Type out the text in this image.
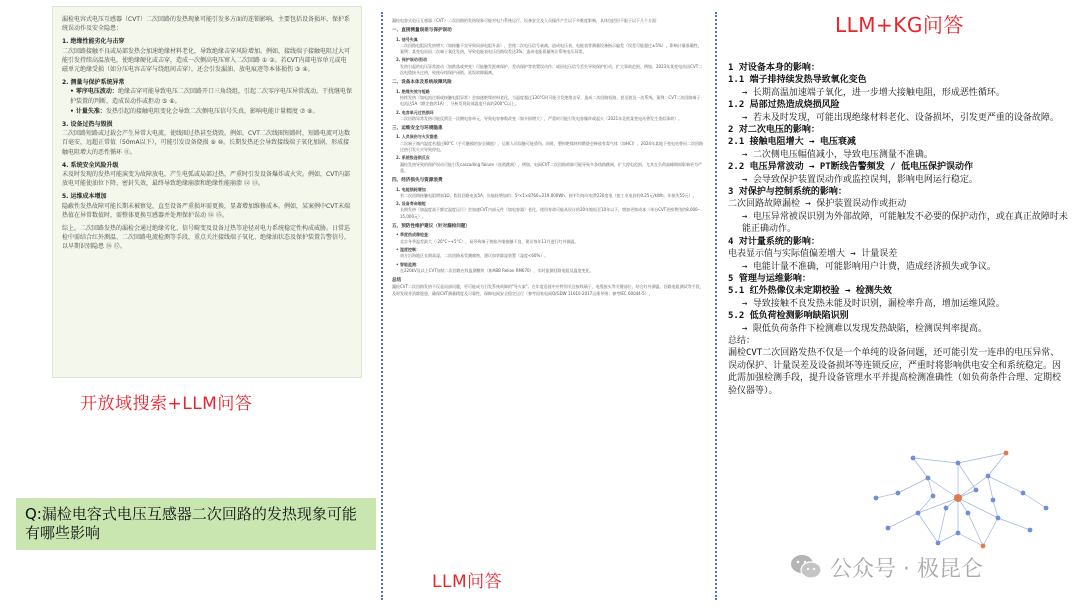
漏检电容式电压互感器（CVT）二次回路的发热现象可能引发多方面的连锁影响，主要包括设备损坏、保护系统误动作及安全隐患：

1. 绝缘性能劣化与击穿

二次回路接触不良或局部发热会加速绝缘材料老化，导致绝缘击穿风险增加。例如，接线端子接触电阻过大可能引发持续高温放电，使绝缘硬化或击穿，造成一次侧高电压窜入二次回路 ① ②。若CVT内部电容单元或电磁单元绝缘受损（如分压电容击穿与绕组间击穿），还会引发漏油、放电痕迹等本体损伤 ③ ④。

2. 测量与保护系统异常

• 零序电压波动：绝缘击穿可能导致电压二次回路开口三角绕组，引起二次零序电压异常波动，干扰继电保护装置的判断，造成误动作或拒动 ⑤ ⑥。

• 计量失准：发热引起的接触电阻变化会导致二次侧电压信号失真，影响电能计量精度 ⑦ ⑧。

3. 设备过热与毁损

二次回路短路或过载会产生异常大电流，使线圈过热甚至烧毁。例如，CVT二次线圈短路时，短路电流可达数百毫安，远超正常值（50mA以下），可能引发设备烧损 ⑨ ⑩。长期发热还会导致接线端子氧化加剧，形成接触电阻增大的恶性循环 ⑪。

4. 系统安全风险升级

未及时发现的发热可能演变为故障放电，产生电弧或局部过热，严重时引发设备爆炸或火灾。例如，CVT内部放电可能使油位下降、密封失效，最终导致绝缘崩溃和绝缘性能崩溃 ⑫ ⑬。

5. 运维成本增加

隐蔽性发热故障可能长期未被察觉，直至设备严重损坏需更换，显著增加维修成本。例如，某案例中CVT末端热值在异常数值时，需整体更换互感器并处理保护误动 ⑭ ⑮。

综上，二次回路发热的漏检会通过绝缘劣化、信号畸变及设备过热等途径对电力系统稳定性构成威胁。日常巡检中需结合红外测温、二次回路电流检测等手段，重点关注接线端子氧化、绝缘油状态及保护装置告警信号，以早期识别隐患 ⑯ ⑰。

开放域搜索+LLM问答
Q:漏检电容式电压互感器二次回路的发热现象可能有哪些影响

漏检电容式电压互感器（CVT）二次回路的发热现象可能对电力系统运行、设备安全及人员操作产生以下多维度影响，具体包括但不限于以下几个方面：

一、直接测量误差与保护误动
1. 信号失真

二次回路电阻因发热增大（如接触不良导致局部电阻升高），会使二次电压信号衰减，造成电压表、电能表等测量设备指示偏差（误差可能超过±5%），影响计量准确性。案例：某变电站因二次端子氧化发热，导致电能表电压回路误差达3%，造成电能质量统计系统电压异常。

2. 保护误动/拒动

发热引起的电压异常波动（如跌落或突变）可能触发距离保护、差动保护等装置误动作；或因电压信号丢失导致保护拒动，扩大事故范围。例如，2023年某变电站因CVT二次电缆接头过热，致使母线保护闭锁，延误故障隔离。

二、设备本体及系统故障风险
1. 绝缘失效与短路

持续发热（如电流过载或接触电阻异常）会加速绝缘材料老化，当温度超过130°C时可能引发绝缘击穿，造成二次回路短路，甚至波及一次系统。案例：CVT二次回路端子电流达5A（额定值约1A），分析发现局部温度升高约200°C以上。

2. 电容单元过热损坏

二次回路异常发热可能反馈至一次侧电容单元，导致电容参数改变（如介损增大），严重时可能引发电容爆炸或起火（2021年北欧某变电站曾发生类似事故）。

三、运维安全与环境隐患
1. 人员误伤与火灾隐患

二次端子箱内温度若超过80°C（手可触摸的安全阈值），运维人员误触可能烫伤。同时，塑料绝缘材料燃烧会释放有毒气体（如HCl），2024年某地下变电站曾因二次回路过热引发火灾导致停电。

2. 系统级连锁反应

漏检发热导致的保护误动可能引发cascading failure（连锁跳闸），例如，电网CVT二次回路故障可能导致多条线路跳闸，扩大停电范围，尤其在负荷高峰期间影响更为严重。

四、经济损失与资源浪费
1. 电能损耗增加

若二次回路接触电阻增加1Ω，假设回路电流5A，年能耗增加约：5²×1×8760=219,000Wh，按平均每年电费220度电（按工业电价约0.25元/kWh，年损失55元）。

2. 设备寿命缩短

长期发热（如温度高于额定温度运行）会加速CVT内部元件（如电容器）老化，使用寿命可能从设计的20年缩短至10年以下，增加更换成本（单台CVT更换费用约8,000–15,000元）。

五、预防性维护建议（针对漏检问题）
• 季度热成像检查：

北京冬季温差最大（-20°C~+5°C），易导致端子热胀冷缩接触不良，建议每年11月进行红外测温。

• 湿度控制：

南方沿海地区长期高湿，二次回路易受潮腐蚀，建议加装除湿装置（湿度<60%）。

• 智能监测：

在220kV及以上CVT加装二次回路在线监测模块（如ABB Relion RM670），实时监测回路电阻及温度变化。

总结

漏检CVT二次回路发热不仅是局部问题，更可能成为引发系统故障的"导火索"。在年度巡视中应特别关注接线端子、电缆接头等关键部位，结合红外测温、回路电阻测试等手段，及时发现并消除隐患，确保CVT测量精度及可靠性，保障电网安全稳定运行（参考国家电网Q/GDW 11010-2017运维导则；参考IEC 60044-5）。

LLM问答
LLM+KG问答
1 对设备本身的影响：
1.1 端子排持续发热导致氧化变色
→ 长期高温加速端子氧化，进一步增大接触电阻，形成恶性循环。
1.2 局部过热造成烧损风险
→ 若未及时发现，可能出现绝缘材料老化、设备损坏，引发更严重的设备故障。
2 对二次电压的影响：
2.1 接触电阻增大 → 电压衰减
→ 二次侧电压幅值减小，导致电压测量不准确。
2.2 电压异常波动 → PT断线告警频发 / 低电压保护误动作
→ 会导致保护装置误动作或监控误判，影响电网运行稳定。
3 对保护与控制系统的影响：
二次回路故障漏检 → 保护装置误动作或拒动
→ 电压异常被误识别为外部故障，可能触发不必要的保护动作，或在真正故障时未能正确动作。
4 对计量系统的影响：
电表显示值与实际值偏差增大 → 计量误差
→ 电能计量不准确，可能影响用户计费，造成经济损失或争议。
5 管理与运维影响：
5.1 红外热像仪未定期校验 → 检测失效
→ 导致接触不良发热未能及时识别，漏检率升高，增加运维风险。
5.2 低负荷检测影响缺陷识别
→ 限低负荷条件下检测难以发现发热缺陷，检测误判率提高。
总结：
漏检CVT二次回路发热不仅是一个单纯的设备问题，还可能引发一连串的电压异常、误动保护、计量误差及设备损坏等连锁反应，严重时将影响供电安全和系统稳定。因此需加强检测手段，提升设备管理水平并提高检测准确性（如负荷条件合理、定期校验仪器等）。
公众号 · 极昆仑
